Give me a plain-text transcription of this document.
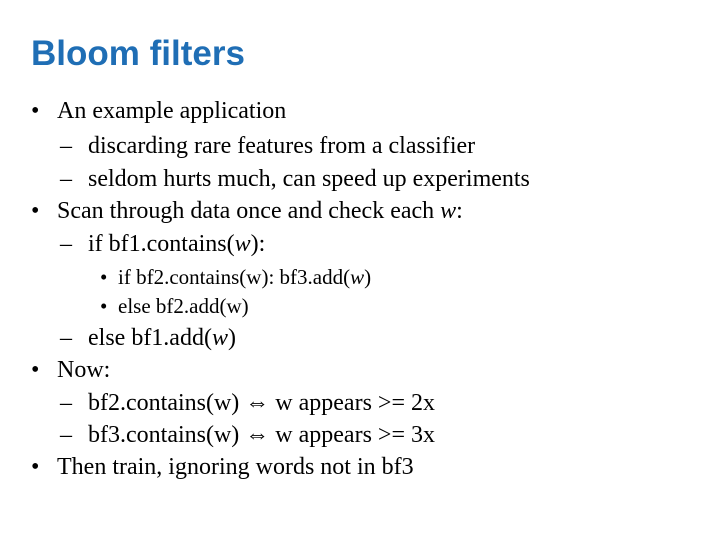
Bloom filters
• An example application
– discarding rare features from a classifier
– seldom hurts much, can speed up experiments
• Scan through data once and check each w:
– if bf1.contains(w):
• if bf2.contains(w): bf3.add(w)
• else bf2.add(w)
– else bf1.add(w)
• Now:
– bf2.contains(w) ⇔ w appears >= 2x
– bf3.contains(w) ⇔ w appears >= 3x
• Then train, ignoring words not in bf3
